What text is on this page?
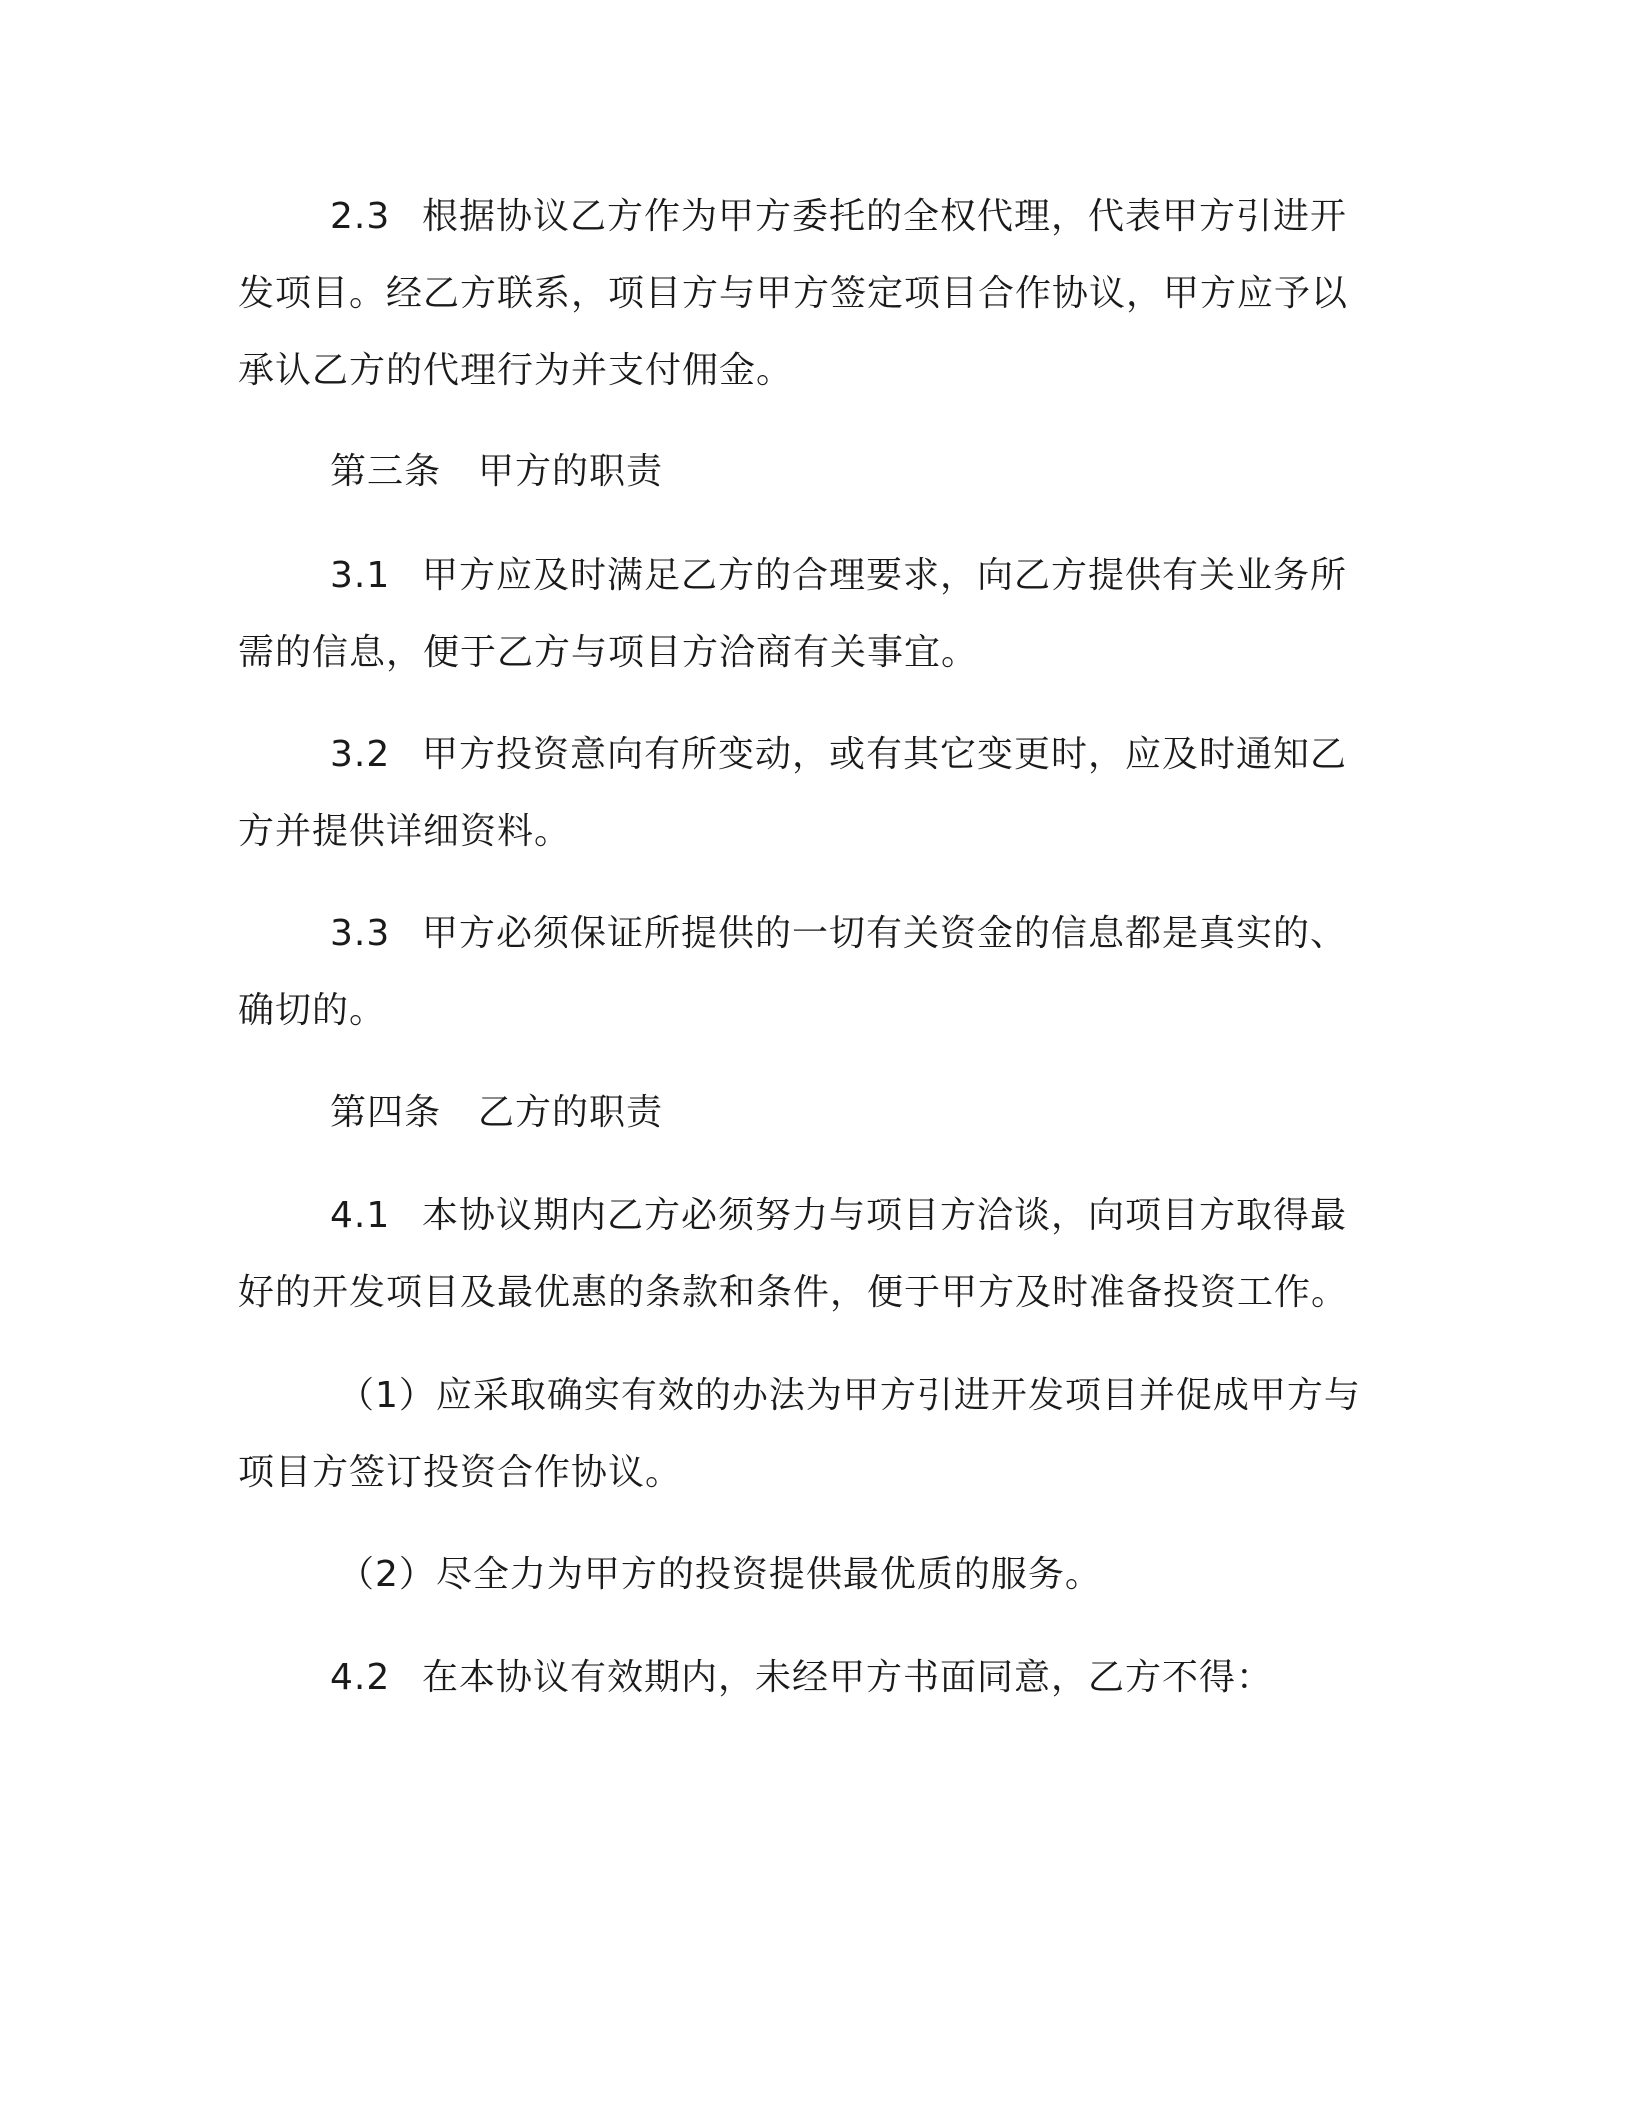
2.3 根据协议乙方作为甲方委托的全权代理，代表甲方引进开
发项目。经乙方联系，项目方与甲方签定项目合作协议，甲方应予以
承认乙方的代理行为并支付佣金。
第三条　甲方的职责
3.1 甲方应及时满足乙方的合理要求，向乙方提供有关业务所
需的信息，便于乙方与项目方洽商有关事宜。
3.2 甲方投资意向有所变动，或有其它变更时，应及时通知乙
方并提供详细资料。
3.3 甲方必须保证所提供的一切有关资金的信息都是真实的、
确切的。
第四条　乙方的职责
4.1 本协议期内乙方必须努力与项目方洽谈，向项目方取得最
好的开发项目及最优惠的条款和条件，便于甲方及时准备投资工作。
（1）应采取确实有效的办法为甲方引进开发项目并促成甲方与
项目方签订投资合作协议。
（2）尽全力为甲方的投资提供最优质的服务。
4.2 在本协议有效期内，未经甲方书面同意，乙方不得：
